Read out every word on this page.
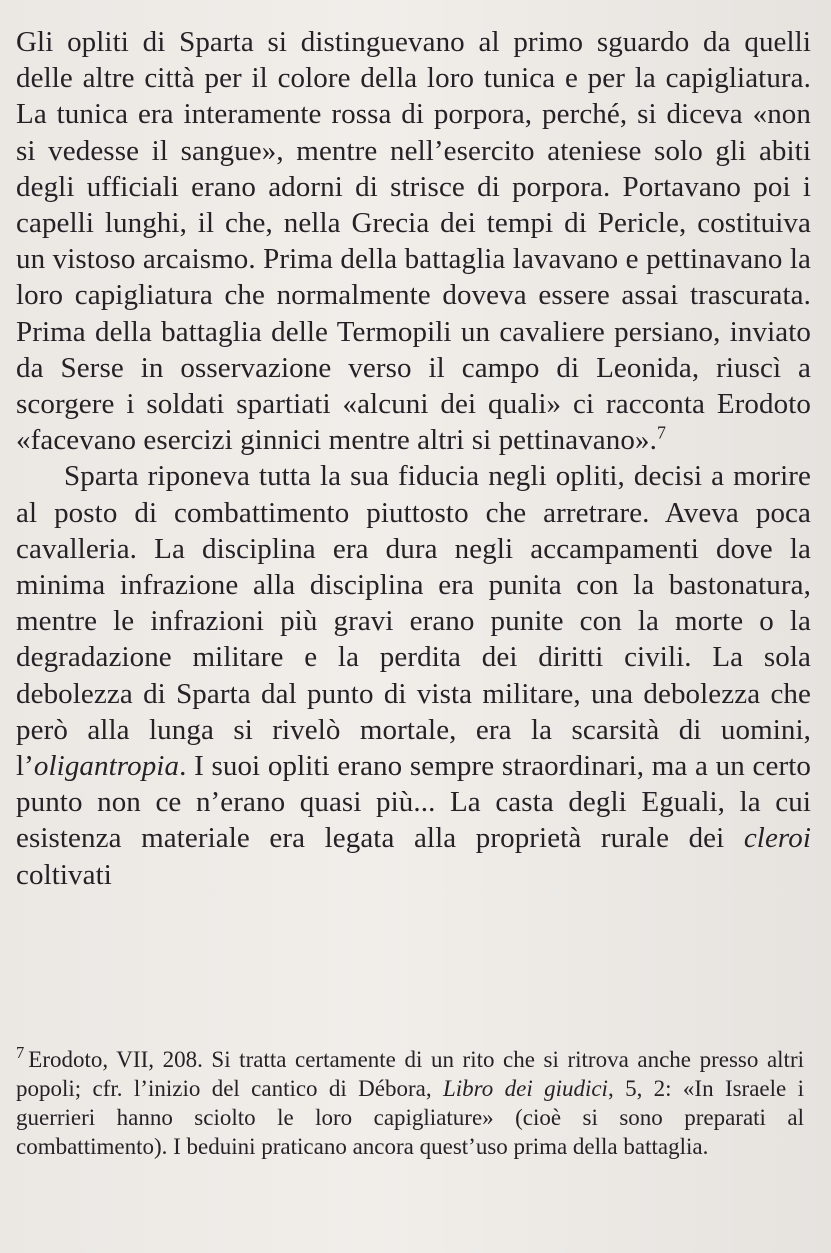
Gli opliti di Sparta si distinguevano al primo sguardo da quelli delle altre città per il colore della loro tunica e per la capigliatura. La tunica era interamente rossa di porpora, perché, si diceva «non si vedesse il sangue», mentre nell’esercito ateniese solo gli abiti degli ufficiali erano adorni di strisce di porpora. Portavano poi i capelli lunghi, il che, nella Grecia dei tempi di Pericle, costituiva un vistoso arcaismo. Prima della battaglia lavavano e pettinavano la loro capigliatura che normalmente doveva essere assai trascurata. Prima della battaglia delle Termopili un cavaliere persiano, inviato da Serse in osservazione verso il campo di Leonida, riuscì a scorgere i soldati spartiati «alcuni dei quali» ci racconta Erodoto «facevano esercizi ginnici mentre altri si pettinavano».$^7$

Sparta riponeva tutta la sua fiducia negli opliti, decisi a morire al posto di combattimento piuttosto che arretrare. Aveva poca cavalleria. La disciplina era dura negli accampamenti dove la minima infrazione alla disciplina era punita con la bastonatura, mentre le infrazioni più gravi erano punite con la morte o la degradazione militare e la perdita dei diritti civili. La sola debolezza di Sparta dal punto di vista militare, una debolezza che però alla lunga si rivelò mortale, era la scarsità di uomini, l’oligantropia. I suoi opliti erano sempre straordinari, ma a un certo punto non ce n’erano quasi più... La casta degli Eguali, la cui esistenza materiale era legata alla proprietà rurale dei cleroi coltivati

$^7$ Erodoto, VII, 208. Si tratta certamente di un rito che si ritrova anche presso altri popoli; cfr. l’inizio del cantico di Débora, Libro dei giudici, 5, 2: «In Israele i guerrieri hanno sciolto le loro capigliature» (cioè si sono preparati al combattimento). I beduini praticano ancora quest’uso prima della battaglia.
